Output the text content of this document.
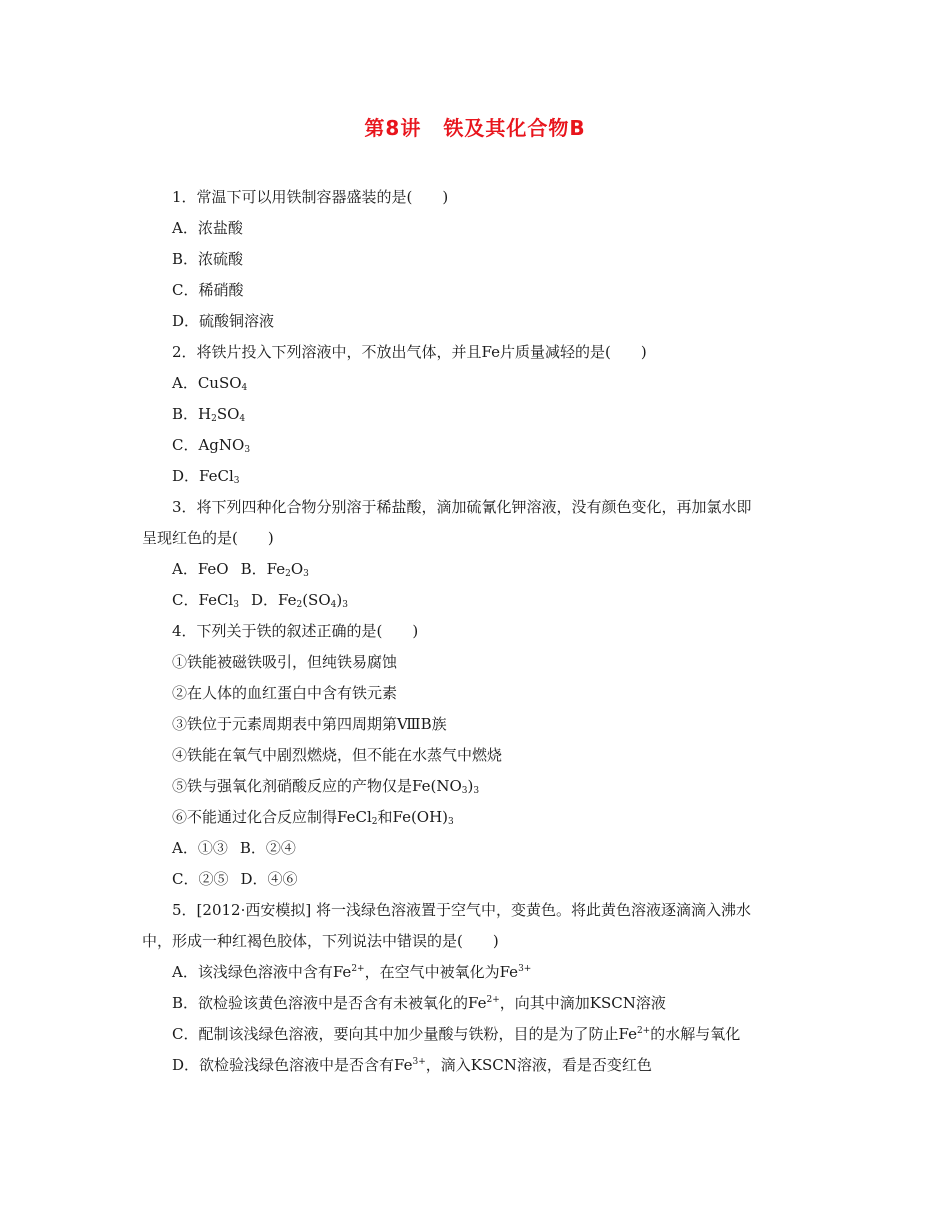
第8讲 铁及其化合物B
1．常温下可以用铁制容器盛装的是(　　)
A．浓盐酸
B．浓硫酸
C．稀硝酸
D．硫酸铜溶液
2．将铁片投入下列溶液中，不放出气体，并且Fe片质量减轻的是(　　)
A．CuSO$_4$
B．$H_2SO_4$
C．AgNO$_3$
D．FeCl$_3$
3．将下列四种化合物分别溶于稀盐酸，滴加硫氰化钾溶液，没有颜色变化，再加氯水即
呈现红色的是(　　)
A．FeO B．$Fe_2O_3$
C．FeCl$_3$ D．$Fe_2(SO_4)_3$
4．下列关于铁的叙述正确的是(　　)
①铁能被磁铁吸引，但纯铁易腐蚀
②在人体的血红蛋白中含有铁元素
③铁位于元素周期表中第四周期第ⅧB族
④铁能在氧气中剧烈燃烧，但不能在水蒸气中燃烧
⑤铁与强氧化剂硝酸反应的产物仅是$Fe(NO_3)_3$
⑥不能通过化合反应制得FeCl$_2$和$Fe(OH)_3$
A．①③ B．②④
C．②⑤ D．④⑥
5．[2012·西安模拟] 将一浅绿色溶液置于空气中，变黄色。将此黄色溶液逐滴滴入沸水
中，形成一种红褐色胶体，下列说法中错误的是(　　)
A．该浅绿色溶液中含有$Fe^{2+}$，在空气中被氧化为$Fe^{3+}$
B．欲检验该黄色溶液中是否含有未被氧化的$Fe^{2+}$，向其中滴加KSCN溶液
C．配制该浅绿色溶液，要向其中加少量酸与铁粉，目的是为了防止$Fe^{2+}$的水解与氧化
D．欲检验浅绿色溶液中是否含有$Fe^{3+}$，滴入KSCN溶液，看是否变红色
